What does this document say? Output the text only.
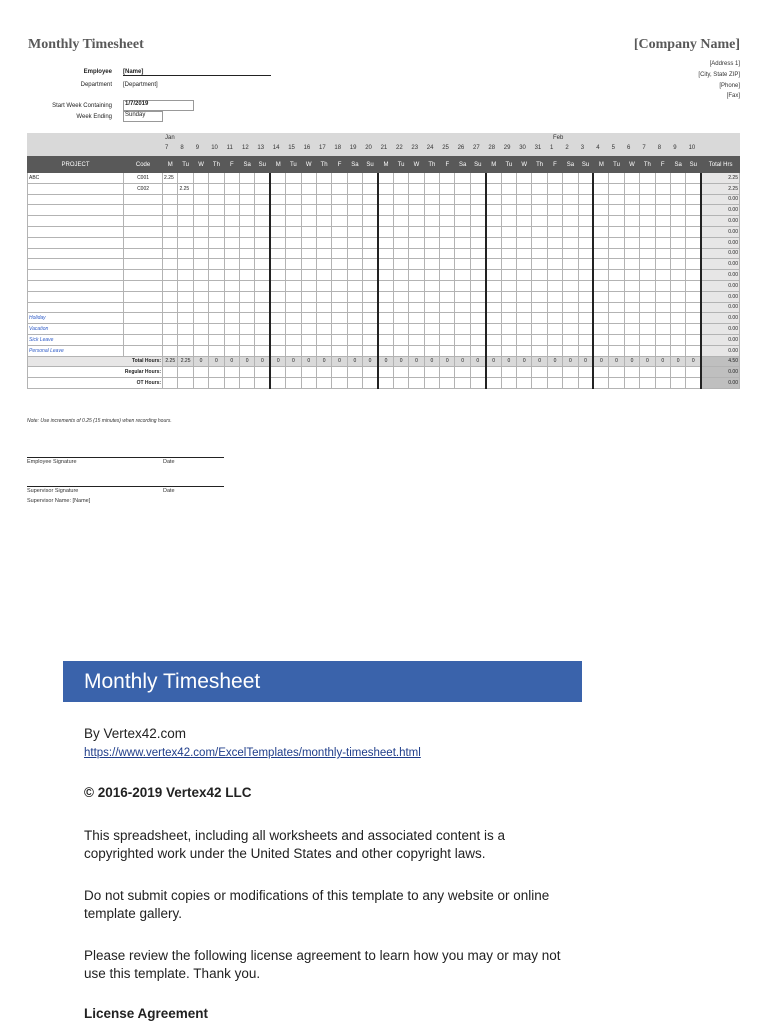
Monthly Timesheet	[Company Name]
[Address 1]
[City, State ZIP]
[Phone]
[Fax]
Employee [Name]
Department [Department]
Start Week Containing	1/7/2019
Week Ending	Sunday
Jan	Feb
7 8 9 10 11 12 13 14 15 16 17 18 19 20 21 22 23 24 25 26 27 28 29 30 31 1 2 3 4 5 6 7 8 9 10
PROJECT	Code	M	Tu	W	Th	F	Sa	Su	M	Tu	W	Th	F	Sa	Su	M	Tu	W	Th	F	Sa	Su	M	Tu	W	Th	F	Sa	Su	M	Tu	W	Th	F	Sa	Su	Total Hrs
ABC	C001	2.25																																			2.25
	C002		2.25																																		2.25
																																					0.00
																																					0.00
																																					0.00
																																					0.00
																																					0.00
																																					0.00
																																					0.00
																																					0.00
																																					0.00
																																					0.00
																																					0.00
Holiday																																					0.00
Vacation																																					0.00
Sick Leave																																					0.00
Personal Leave																																					0.00
Total Hours:		2.25	2.25	0	0	0	0	0	0	0	0	0	0	0	0	0	0	0	0	0	0	0	0	0	0	0	0	0	0	0	0	0	0	0	0	0	4.50
Regular Hours:																																					0.00
OT Hours:																																					0.00
Note: Use increments of 0.25 (15 minutes) when recording hours.
Employee Signature	Date
Supervisor Signature	Date
Supervisor Name: [Name]
Monthly Timesheet
By Vertex42.com
https://www.vertex42.com/ExcelTemplates/monthly-timesheet.html
© 2016-2019 Vertex42 LLC
This spreadsheet, including all worksheets and associated content is a copyrighted work under the United States and other copyright laws.
Do not submit copies or modifications of this template to any website or online template gallery.
Please review the following license agreement to learn how you may or may not use this template. Thank you.
License Agreement
